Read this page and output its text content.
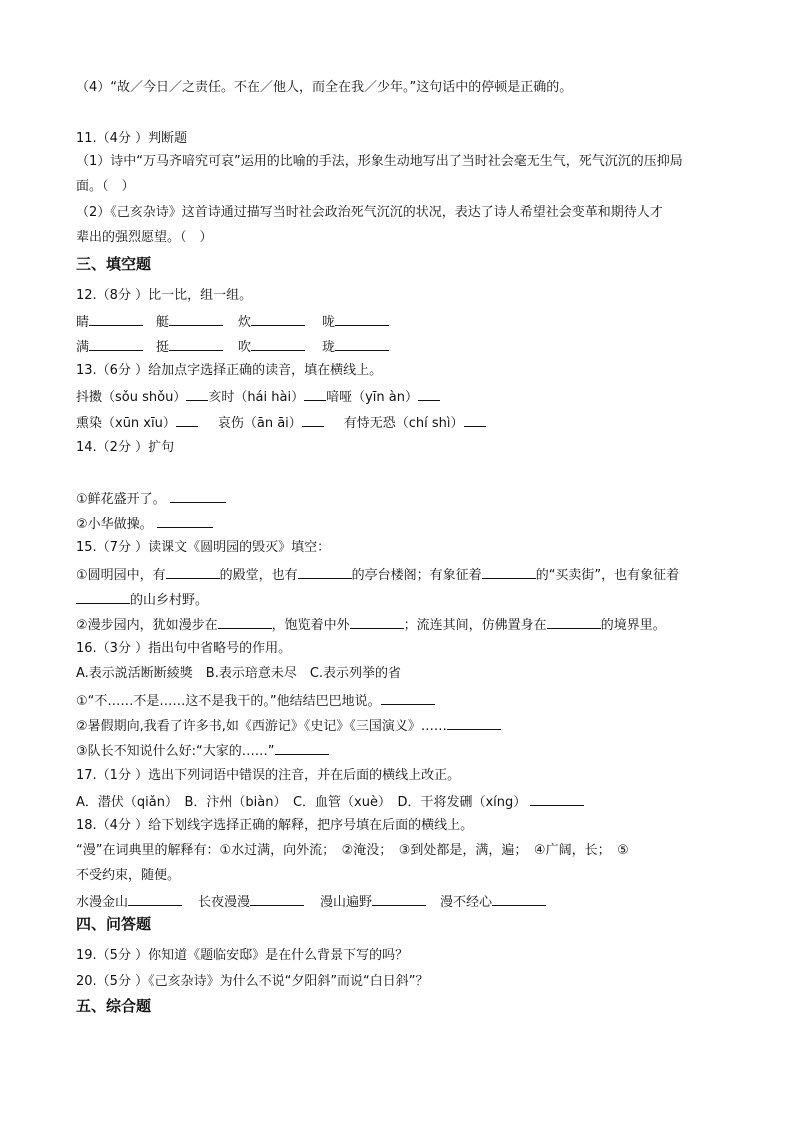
（4）“故／今日／之责任。不在／他人，而全在我／少年。”这句话中的停顿是正确的。
11.（4分 ）判断题
（1）诗中“万马齐喑究可哀”运用的比喻的手法，形象生动地写出了当时社会毫无生气，死气沉沉的压抑局
面。（　）
（2）《己亥杂诗》这首诗通过描写当时社会政治死气沉沉的状况，表达了诗人希望社会变革和期待人才
辈出的强烈愿望。（　）
三、填空题
12.（8分 ）比一比，组一组。
睛	艇	炊	咙
满	挺	吹	珑
13.（6分 ）给加点字选择正确的读音，填在横线上。
抖擞（sǒu shǒu） 亥时（hái hài） 喑哑（yīn àn）
熏染（xūn xīu）	哀伤（ān āi）	有恃无恐（chí shì）
14.（2分 ）扩句
①鲜花盛开了。
②小华做操。
15.（7分 ）读课文《圆明园的毁灭》填空：
①圆明园中，有	的殿堂，也有	的亭台楼阁；有象征着	的“买卖街”，也有象征着
的山乡村野。
②漫步园内，犹如漫步在	，饱览着中外	；流连其间，仿佛置身在	的境界里。
16.（3分 ）指出句中省略号的作用。
A.表示説活断断綾獎　B.表示琣意未尽　C.表示列挙的省
①“不……不是……这不是我干的。”他结结巴巴地说。
②暑假期向,我看了许多书,如《西游记》《史记》《三国演义》……
③队长不知说什么好:“大家的……”
17.（1分 ）选出下列词语中错误的注音，并在后面的横线上改正。
A．潜伏（qiǎn）　B．汴州（biàn）　C．血管（xuè）　D．干将发硎（xíng）
18.（4分 ）给下划线字选择正确的解释，把序号填在后面的横线上。
“漫”在词典里的解释有：①水过满，向外流；　②淹没；　③到处都是，满，遍；　④广阔，长；　⑤
不受约束，随便。
水漫金山	长夜漫漫	漫山遍野	漫不经心
四、问答题
19.（5分 ）你知道《题临安邸》是在什么背景下写的吗？
20.（5分 ）《己亥杂诗》为什么不说“夕阳斜”而说“白日斜”？
五、综合题
